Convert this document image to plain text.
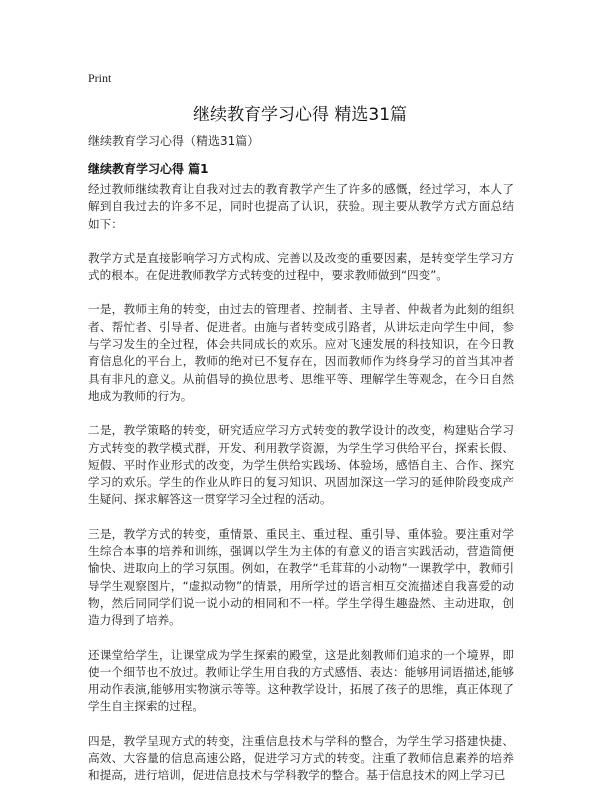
Print
继续教育学习心得 精选31篇
继续教育学习心得（精选31篇）
继续教育学习心得 篇1

经过教师继续教育让自我对过去的教育教学产生了许多的感慨，经过学习，本人了解到自我过去的许多不足，同时也提高了认识，获验。现主要从教学方式方面总结如下：

教学方式是直接影响学习方式构成、完善以及改变的重要因素，是转变学生学习方式的根本。在促进教师教学方式转变的过程中，要求教师做到“四变”。

一是，教师主角的转变，由过去的管理者、控制者、主导者、仲裁者为此刻的组织者、帮忙者、引导者、促进者。由施与者转变成引路者，从讲坛走向学生中间，参与学习发生的全过程，体会共同成长的欢乐。应对飞速发展的科技知识，在今日教育信息化的平台上，教师的绝对已不复存在，因而教师作为终身学习的首当其冲者具有非凡的意义。从前倡导的换位思考、思维平等、理解学生等观念，在今日自然地成为教师的行为。

二是，教学策略的转变，研究适应学习方式转变的教学设计的改变，构建贴合学习方式转变的教学模式群，开发、利用教学资源，为学生学习供给平台，探索长假、短假、平时作业形式的改变，为学生供给实践场、体验场，感悟自主、合作、探究学习的欢乐。学生的作业从昨日的复习知识、巩固加深这一学习的延伸阶段变成产生疑问、探求解答这一贯穿学习全过程的活动。

三是，教学方式的转变，重情景、重民主、重过程、重引导、重体验。要注重对学生综合本事的培养和训练，强调以学生为主体的有意义的语言实践活动，营造简便愉快、进取向上的学习氛围。例如，在教学“毛茸茸的小动物”一课教学中，教师引导学生观察图片，“虚拟动物”的情景，用所学过的语言相互交流描述自我喜爱的动物，然后同同学们说一说小动的相同和不一样。学生学得生趣盎然、主动进取，创造力得到了培养。

还课堂给学生，让课堂成为学生探索的殿堂，这是此刻教师们追求的一个境界，即使一个细节也不放过。教师让学生用自我的方式感悟、表达：能够用词语描述,能够用动作表演,能够用实物演示等等。这种教学设计，拓展了孩子的思维，真正体现了学生自主探索的过程。

四是，教学呈现方式的转变，注重信息技术与学科的整合，为学生学习搭建快捷、高效、大容量的信息高速公路，促进学习方式的转变。注重了教师信息素养的培养和提高，进行培训，促进信息技术与学科教学的整合。基于信息技术的网上学习已
